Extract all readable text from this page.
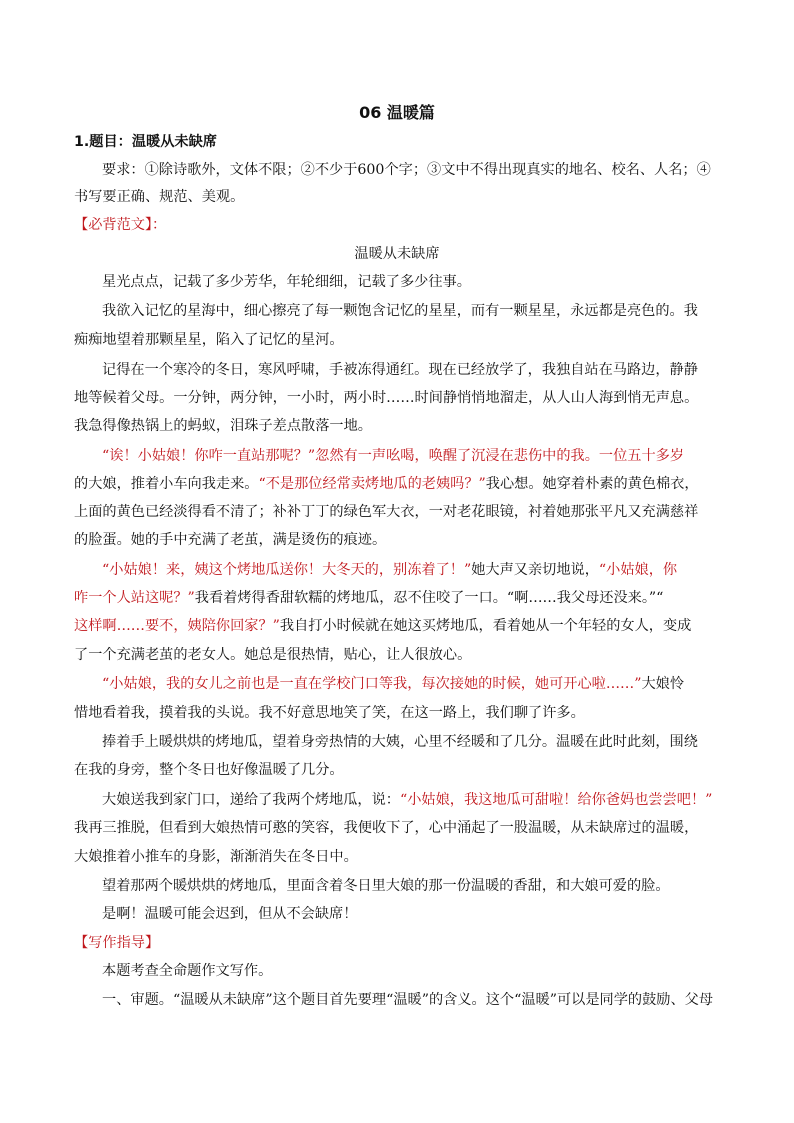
06 温暖篇
1.题目：温暖从未缺席
要求：①除诗歌外，文体不限；②不少于600个字；③文中不得出现真实的地名、校名、人名；④
书写要正确、规范、美观。
【必背范文】：
温暖从未缺席
星光点点，记载了多少芳华，年轮细细，记载了多少往事。
我欲入记忆的星海中，细心擦亮了每一颗饱含记忆的星星，而有一颗星星，永远都是亮色的。我
痴痴地望着那颗星星，陷入了记忆的星河。
记得在一个寒冷的冬日，寒风呼啸，手被冻得通红。现在已经放学了，我独自站在马路边，静静
地等候着父母。一分钟，两分钟，一小时，两小时……时间静悄悄地溜走，从人山人海到悄无声息。
我急得像热锅上的蚂蚁，泪珠子差点散落一地。
“诶！小姑娘！你咋一直站那呢？”忽然有一声吆喝，唤醒了沉浸在悲伤中的我。一位五十多岁
的大娘，推着小车向我走来。“不是那位经常卖烤地瓜的老姨吗？”我心想。她穿着朴素的黄色棉衣，
上面的黄色已经淡得看不清了；补补丁丁的绿色军大衣，一对老花眼镜，衬着她那张平凡又充满慈祥
的脸蛋。她的手中充满了老茧，满是烫伤的痕迹。
“小姑娘！来，姨这个烤地瓜送你！大冬天的，别冻着了！”她大声又亲切地说，“小姑娘，你
咋一个人站这呢？”我看着烤得香甜软糯的烤地瓜，忍不住咬了一口。“啊……我父母还没来。”“
这样啊……要不，姨陪你回家？”我自打小时候就在她这买烤地瓜，看着她从一个年轻的女人，变成
了一个充满老茧的老女人。她总是很热情，贴心，让人很放心。
“小姑娘，我的女儿之前也是一直在学校门口等我，每次接她的时候，她可开心啦……”大娘怜
惜地看着我，摸着我的头说。我不好意思地笑了笑，在这一路上，我们聊了许多。
捧着手上暖烘烘的烤地瓜，望着身旁热情的大姨，心里不经暖和了几分。温暖在此时此刻，围绕
在我的身旁，整个冬日也好像温暖了几分。
大娘送我到家门口，递给了我两个烤地瓜，说：“小姑娘，我这地瓜可甜啦！给你爸妈也尝尝吧！”
我再三推脱，但看到大娘热情可憨的笑容，我便收下了，心中涌起了一股温暖，从未缺席过的温暖，
大娘推着小推车的身影，渐渐消失在冬日中。
望着那两个暖烘烘的烤地瓜，里面含着冬日里大娘的那一份温暖的香甜，和大娘可爱的脸。
是啊！温暖可能会迟到，但从不会缺席！
【写作指导】
本题考查全命题作文写作。
一、审题。“温暖从未缺席”这个题目首先要理“温暖”的含义。这个“温暖”可以是同学的鼓励、父母
